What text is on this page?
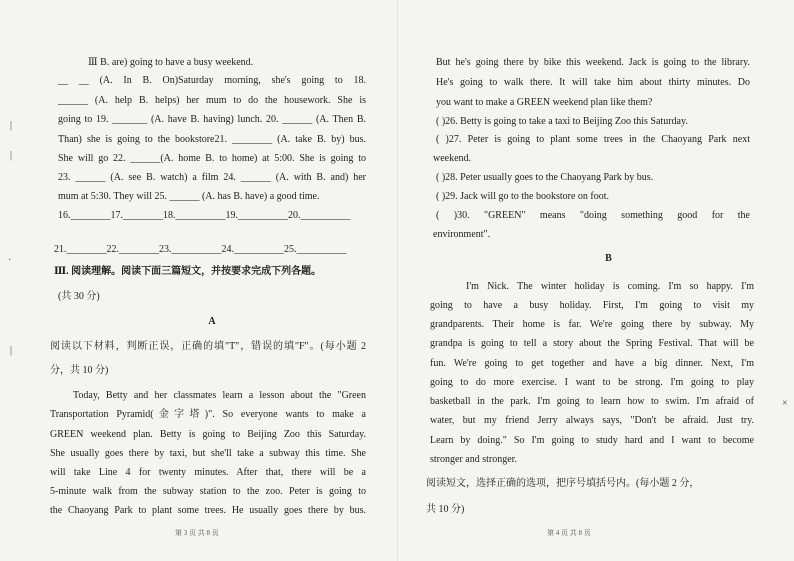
Ⅲ B. are) going to have a busy weekend.
__ __ (A. In B. On)Saturday morning, she's going to 18.
______ (A. help B. helps) her mum to do the housework. She is
going to 19. _______ (A. have B. having) lunch. 20. ______ (A. Then B.
Than) she is going to the bookstore21. ________ (A. take B. by) bus.
She will go 22. ______(A. home B. to home) at 5:00. She is going to
23. ______ (A. see B. watch) a film 24. ______ (A. with B. and) her
mum at 5:30. They will 25. ______ (A. has B. have) a good time.
16.________17.________18.__________19.__________20.__________
21.________22.________23.__________24.__________25.__________
Ⅲ. 阅读理解。阅读下面三篇短文，并按要求完成下列各题。
(共 30 分)
A
阅读以下材料，判断正误，正确的填"T"，错误的填"F"。(每小题 2
分，共 10 分)
Today, Betty and her classmates learn a lesson about the "Green
Transportation Pyramid(金字塔)". So everyone wants to make a
GREEN weekend plan. Betty is going to Beijing Zoo this Saturday.
She usually goes there by taxi, but she'll take a subway this time. She
will take Line 4 for twenty minutes. After that, there will be a
5-minute walk from the subway station to the zoo. Peter is going to
the Chaoyang Park to plant some trees. He usually goes there by bus.
第 3 页 共 8 页
But he's going there by bike this weekend. Jack is going to the library.
He's going to walk there. It will take him about thirty minutes. Do
you want to make a GREEN weekend plan like them?
( )26. Betty is going to take a taxi to Beijing Zoo this Saturday.
( )27. Peter is going to plant some trees in the Chaoyang Park next
weekend.
( )28. Peter usually goes to the Chaoyang Park by bus.
( )29. Jack will go to the bookstore on foot.
( )30. "GREEN" means "doing something good for the
environment".
B
I'm Nick. The winter holiday is coming. I'm so happy. I'm
going to have a busy holiday. First, I'm going to visit my
grandparents. Their home is far. We're going there by subway. My
grandpa is going to tell a story about the Spring Festival. That will be
fun. We're going to get together and have a big dinner. Next, I'm
going to do more exercise. I want to be strong. I'm going to play
basketball in the park. I'm going to learn how to swim. I'm afraid of
water, but my friend Jerry always says, "Don't be afraid. Just try.
Learn by doing." So I'm going to study hard and I want to become
stronger and stronger.
阅读短文，选择正确的选项，把序号填括号内。(每小题 2 分，
共 10 分)
第 4 页 共 8 页
|
|
·
|
×
